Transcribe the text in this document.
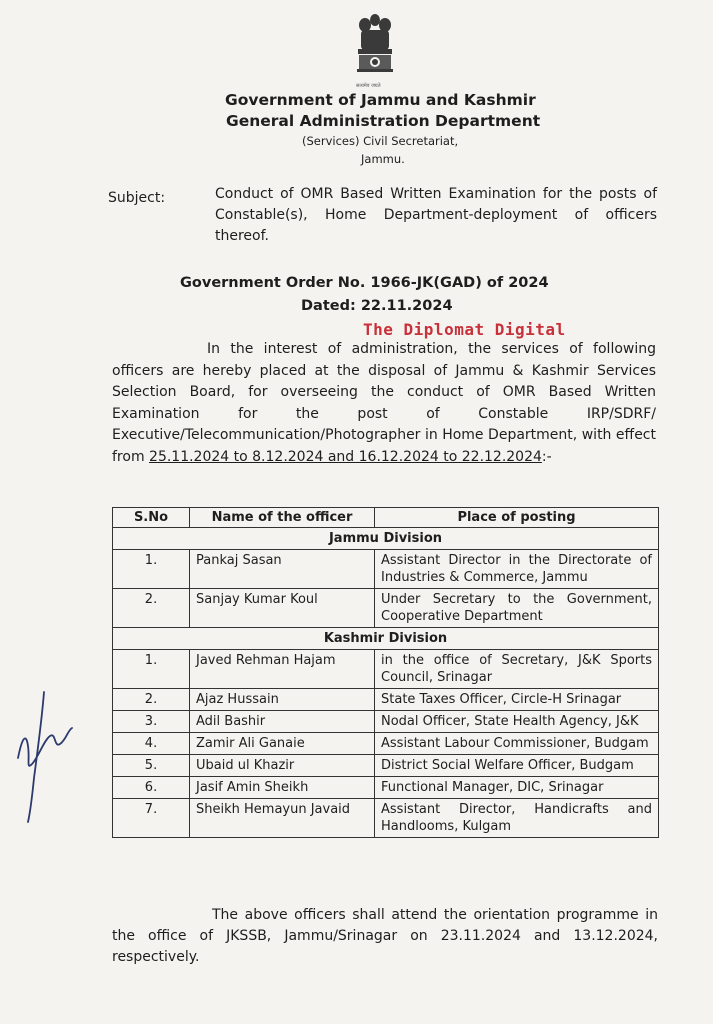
सत्यमेव जयते
Government of Jammu and Kashmir
General Administration Department
(Services) Civil Secretariat,
Jammu.
Subject:	Conduct of OMR Based Written Examination for the posts of Constable(s), Home Department-deployment of officers thereof.
Government Order No. 1966-JK(GAD) of 2024
Dated: 22.11.2024

In the interest of administration, the services of following officers are hereby placed at the disposal of Jammu & Kashmir Services Selection Board, for overseeing the conduct of OMR Based Written Examination for the post of Constable IRP/SDRF/ Executive/Telecommunication/Photographer in Home Department, with effect from 25.11.2024 to 8.12.2024 and 16.12.2024 to 22.12.2024:-

The Diplomat Digital
S.No	Name of the officer	Place of posting
Jammu Division		
1.	Pankaj Sasan	Assistant Director in the Directorate of Industries & Commerce, Jammu
2.	Sanjay Kumar Koul	Under Secretary to the Government, Cooperative Department
Kashmir Division		
1.	Javed Rehman Hajam	in the office of Secretary, J&K Sports Council, Srinagar
2.	Ajaz Hussain	State Taxes Officer, Circle-H Srinagar
3.	Adil Bashir	Nodal Officer, State Health Agency, J&K
4.	Zamir Ali Ganaie	Assistant Labour Commissioner, Budgam
5.	Ubaid ul Khazir	District Social Welfare Officer, Budgam
6.	Jasif Amin Sheikh	Functional Manager, DIC, Srinagar
7.	Sheikh Hemayun Javaid	Assistant Director, Handicrafts and Handlooms, Kulgam

The above officers shall attend the orientation programme in the office of JKSSB, Jammu/Srinagar on 23.11.2024 and 13.12.2024, respectively.
